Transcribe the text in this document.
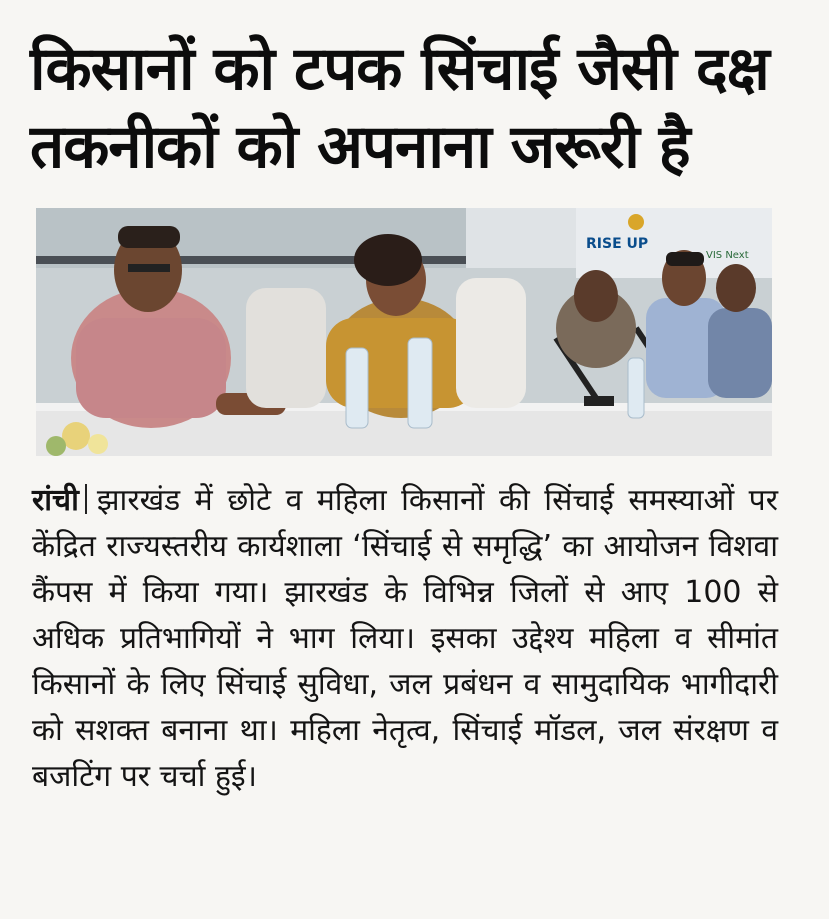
किसानों को टपक सिंचाई जैसी दक्ष तकनीकों को अपनाना जरूरी है
RISE UP
VIS Next

रांची झारखंड में छोटे व महिला किसानों की सिंचाई समस्याओं पर केंद्रित राज्यस्तरीय कार्यशाला ‘सिंचाई से समृद्धि’ का आयोजन विशवा कैंपस में किया गया। झारखंड के विभिन्न जिलों से आए 100 से अधिक प्रतिभागियों ने भाग लिया। इसका उद्देश्य महिला व सीमांत किसानों के लिए सिंचाई सुविधा, जल प्रबंधन व सामुदायिक भागीदारी को सशक्त बनाना था। महिला नेतृत्व, सिंचाई मॉडल, जल संरक्षण व बजटिंग पर चर्चा हुई।
